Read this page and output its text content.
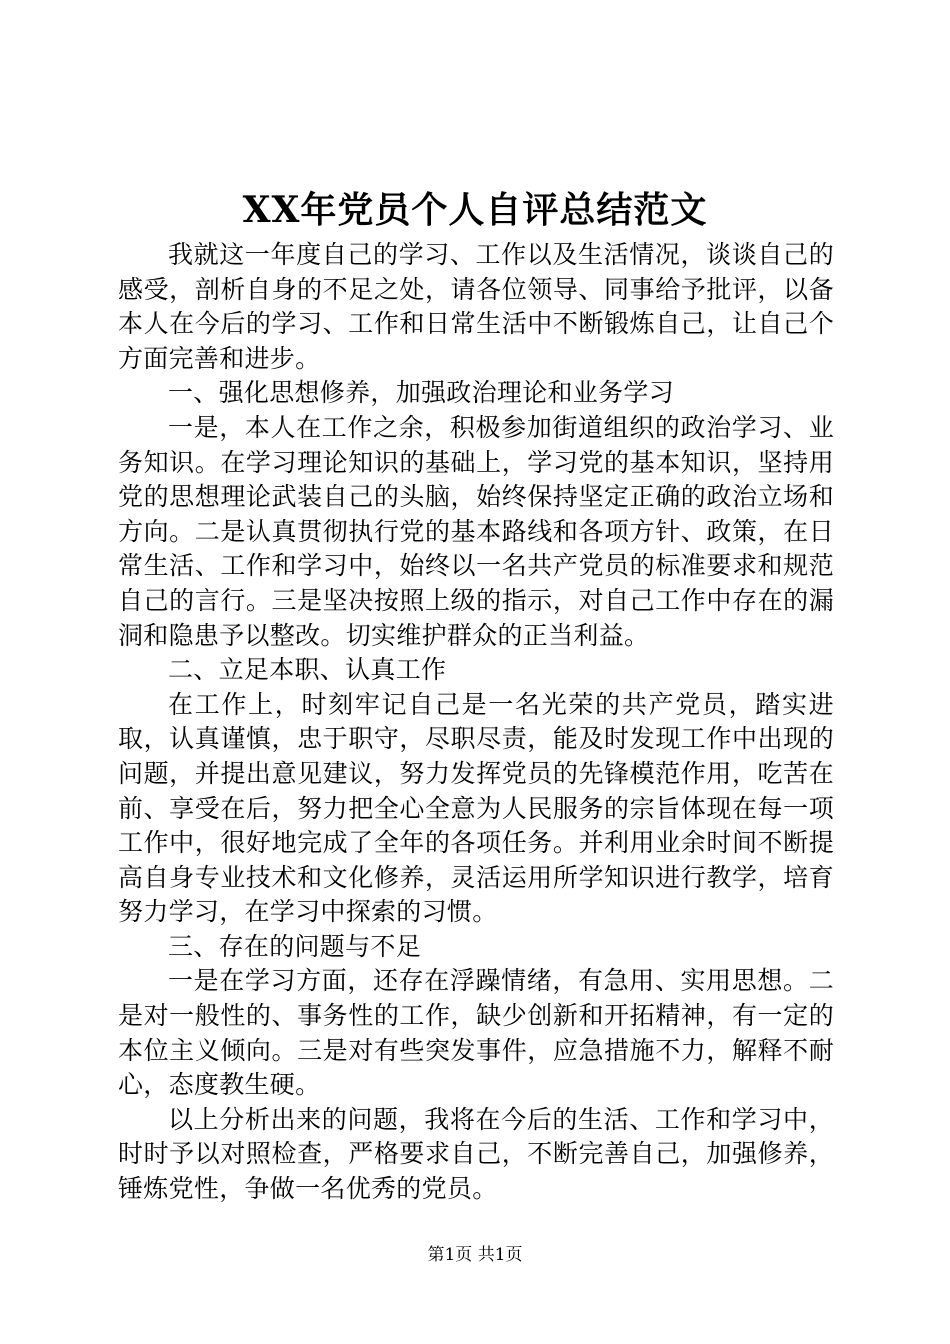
XX年党员个人自评总结范文

我就这一年度自己的学习、工作以及生活情况，谈谈自己的感受，剖析自身的不足之处，请各位领导、同事给予批评，以备本人在今后的学习、工作和日常生活中不断锻炼自己，让自己个方面完善和进步。

一、强化思想修养，加强政治理论和业务学习

一是，本人在工作之余，积极参加街道组织的政治学习、业务知识。在学习理论知识的基础上，学习党的基本知识，坚持用党的思想理论武装自己的头脑，始终保持坚定正确的政治立场和方向。二是认真贯彻执行党的基本路线和各项方针、政策，在日常生活、工作和学习中，始终以一名共产党员的标准要求和规范自己的言行。三是坚决按照上级的指示，对自己工作中存在的漏洞和隐患予以整改。切实维护群众的正当利益。

二、立足本职、认真工作

在工作上，时刻牢记自己是一名光荣的共产党员，踏实进取，认真谨慎，忠于职守，尽职尽责，能及时发现工作中出现的问题，并提出意见建议，努力发挥党员的先锋模范作用，吃苦在前、享受在后，努力把全心全意为人民服务的宗旨体现在每一项工作中，很好地完成了全年的各项任务。并利用业余时间不断提高自身专业技术和文化修养，灵活运用所学知识进行教学，培育努力学习，在学习中探索的习惯。

三、存在的问题与不足

一是在学习方面，还存在浮躁情绪，有急用、实用思想。二是对一般性的、事务性的工作，缺少创新和开拓精神，有一定的本位主义倾向。三是对有些突发事件，应急措施不力，解释不耐心，态度教生硬。

以上分析出来的问题，我将在今后的生活、工作和学习中，时时予以对照检查，严格要求自己，不断完善自己，加强修养，锤炼党性，争做一名优秀的党员。

第1页 共1页
